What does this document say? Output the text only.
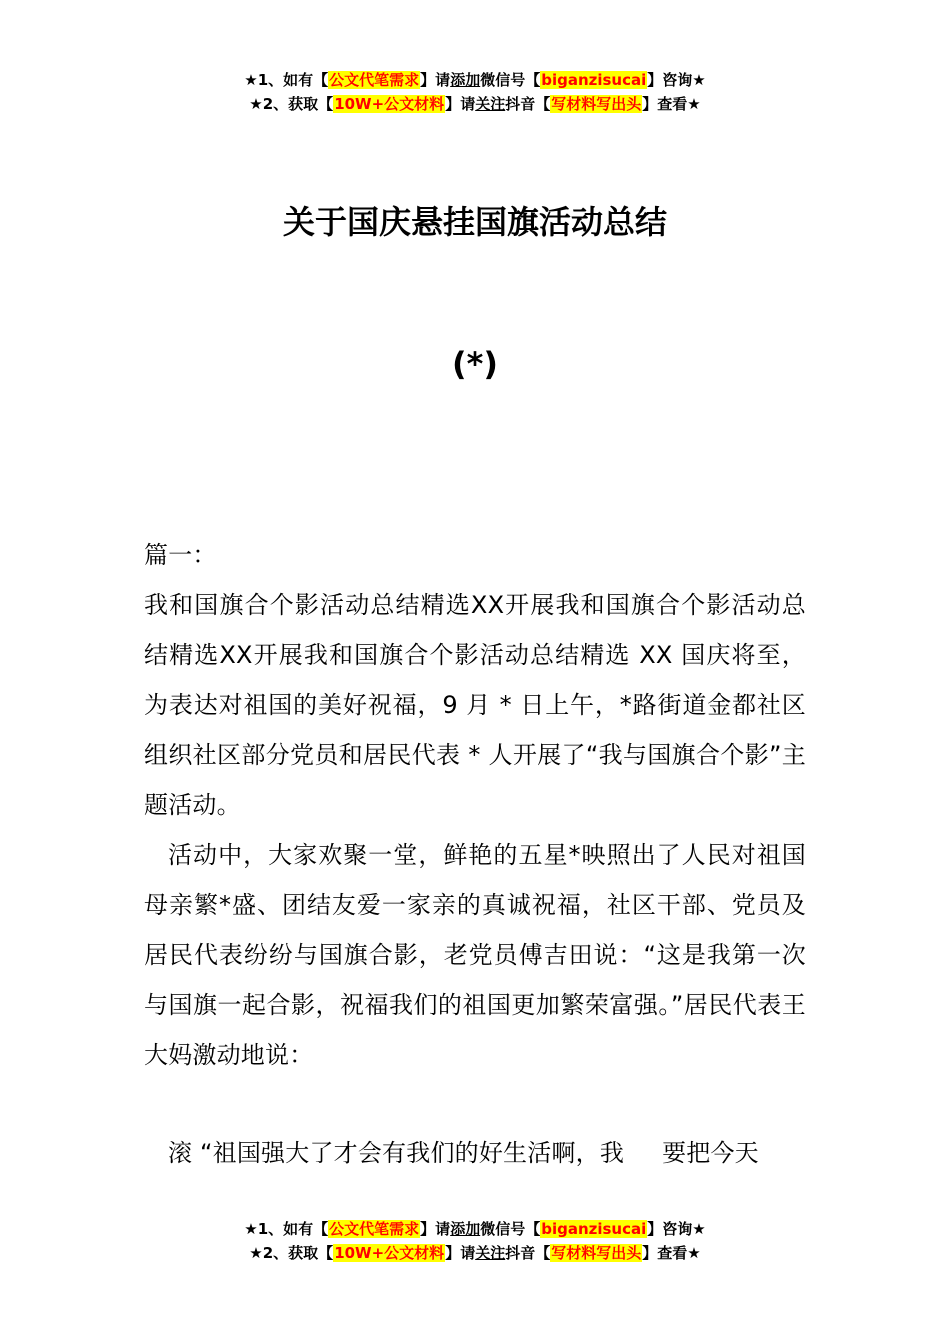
★1、如有【公文代笔需求】请添加微信号【biganzisucai】咨询★
★2、获取【10W+公文材料】请关注抖音【写材料写出头】查看★
关于国庆悬挂国旗活动总结
(*)
篇一：
我和国旗合个影活动总结精选XX开展我和国旗合个影活动总结精选XX开展我和国旗合个影活动总结精选 XX 国庆将至，为表达对祖国的美好祝福，9 月 * 日上午，*路街道金都社区组织社区部分党员和居民代表 * 人开展了“我与国旗合个影”主题活动。
活动中，大家欢聚一堂，鲜艳的五星*映照出了人民对祖国母亲繁*盛、团结友爱一家亲的真诚祝福，社区干部、党员及居民代表纷纷与国旗合影，老党员傅吉田说：“这是我第一次与国旗一起合影，祝福我们的祖国更加繁荣富强。”居民代表王大妈激动地说：
滚 “祖国强大了才会有我们的好生活啊，我 要把今天
★1、如有【公文代笔需求】请添加微信号【biganzisucai】咨询★
★2、获取【10W+公文材料】请关注抖音【写材料写出头】查看★
